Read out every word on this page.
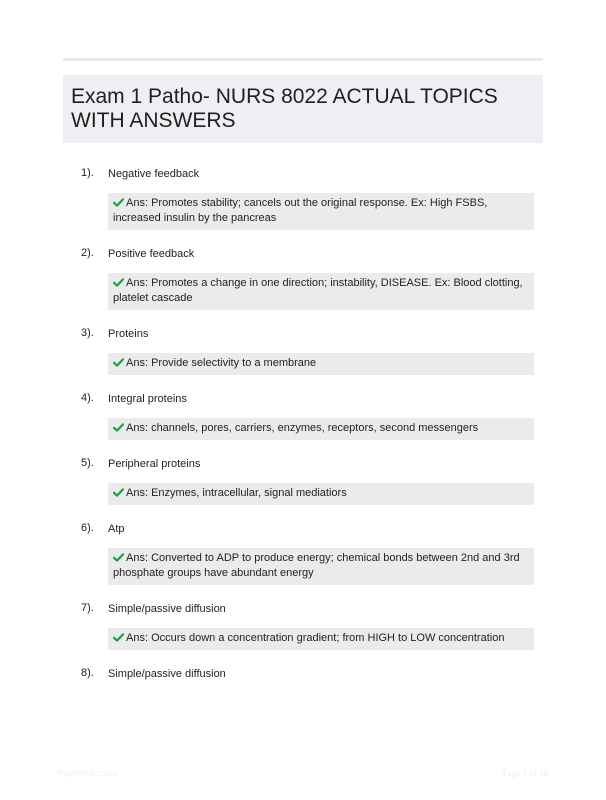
Exam 1 Patho- NURS 8022 ACTUAL TOPICS WITH ANSWERS
1). Negative feedback
Ans: Promotes stability; cancels out the original response. Ex: High FSBS, increased insulin by the pancreas
2). Positive feedback
Ans: Promotes a change in one direction; instability, DISEASE. Ex: Blood clotting, platelet cascade
3). Proteins
Ans: Provide selectivity to a membrane
4). Integral proteins
Ans: channels, pores, carriers, enzymes, receptors, second messengers
5). Peripheral proteins
Ans: Enzymes, intracellular, signal mediatiors
6). Atp
Ans: Converted to ADP to produce energy; chemical bonds between 2nd and 3rd phosphate groups have abundant energy
7). Simple/passive diffusion
Ans: Occurs down a concentration gradient; from HIGH to LOW concentration
8). Simple/passive diffusion
Paperfinic.com	Page 1 of 18
